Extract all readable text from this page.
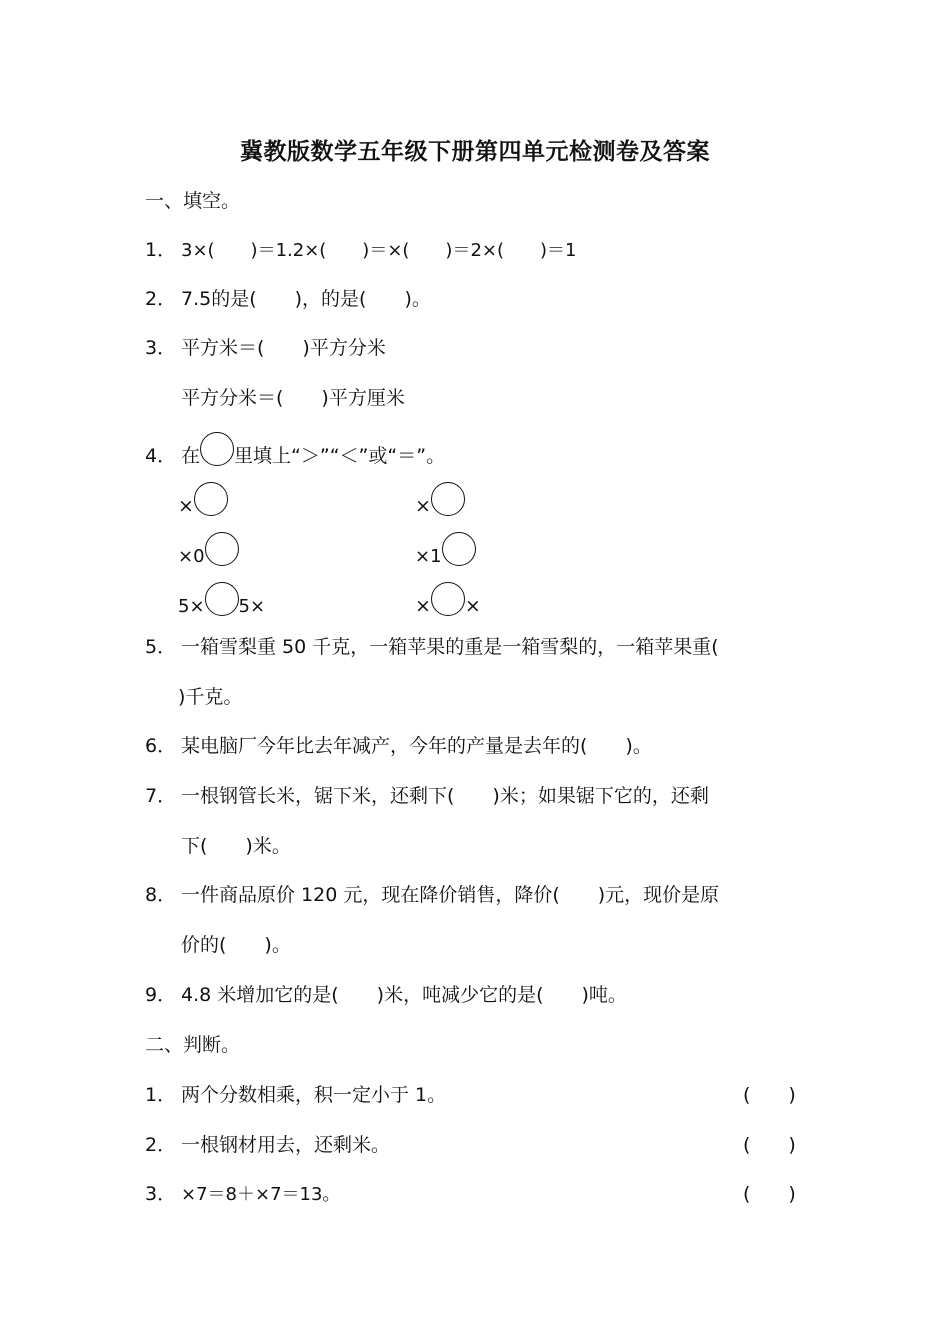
冀教版数学五年级下册第四单元检测卷及答案
一、填空。
1． 3×(　　)＝1.2×(　　)＝×(　　)＝2×(　　)＝1
2． 7.5的是(　　)，的是(　　)。
3． 平方米＝(　　)平方分米
平方分米＝(　　)平方厘米
4． 在 里填上“＞”“＜”或“＝”。
×	×
×0	×1
5× 5×	× ×
5． 一箱雪梨重 50 千克，一箱苹果的重是一箱雪梨的，一箱苹果重(
)千克。
6． 某电脑厂今年比去年减产，今年的产量是去年的(　　)。
7． 一根钢管长米，锯下米，还剩下(　　)米；如果锯下它的，还剩
下(　　)米。
8． 一件商品原价 120 元，现在降价销售，降价(　　)元，现价是原
价的(　　)。
9． 4.8 米增加它的是(　　)米，吨减少它的是(　　)吨。
二、判断。
1． 两个分数相乘，积一定小于 1。	(　　)
2． 一根钢材用去，还剩米。	(　　)
3． ×7＝8＋×7＝13。	(　　)
